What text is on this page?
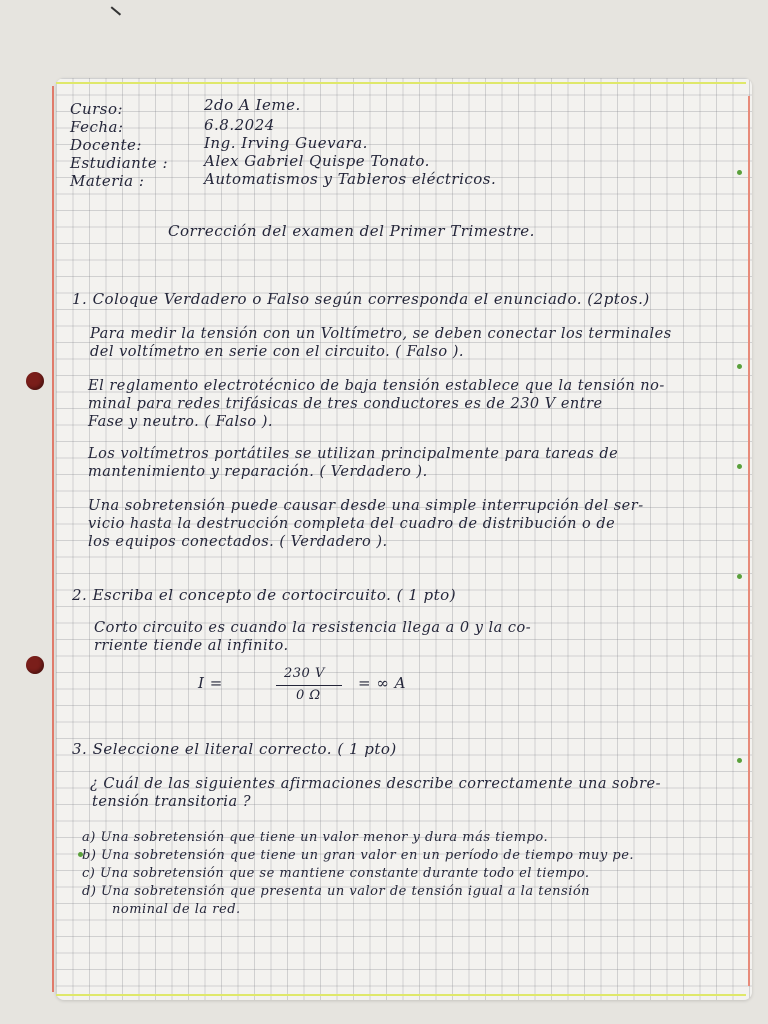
Curso:	2do A Ieme.
Fecha:	6.8.2024
Docente:	Ing. Irving Guevara.
Estudiante : Alex Gabriel Quispe Tonato.
Materia :	Automatismos y Tableros eléctricos.
Corrección del examen del Primer Trimestre.
1. Coloque Verdadero o Falso según corresponda el enunciado. (2ptos.)
Para medir la tensión con un Voltímetro, se deben conectar los terminales
del voltímetro en serie con el circuito. ( Falso ).
El reglamento electrotécnico de baja tensión establece que la tensión no-
minal para redes trifásicas de tres conductores es de 230 V entre
Fase y neutro. ( Falso ).
Los voltímetros portátiles se utilizan principalmente para tareas de
mantenimiento y reparación. ( Verdadero ).
Una sobretensión puede causar desde una simple interrupción del ser-
vicio hasta la destrucción completa del cuadro de distribución o de
los equipos conectados. ( Verdadero ).
2. Escriba el concepto de cortocircuito. ( 1 pto)
Corto circuito es cuando la resistencia llega a 0 y la co-
rriente tiende al infinito.
I =
230 V
0 Ω
= ∞ A
3. Seleccione el literal correcto. ( 1 pto)
¿ Cuál de las siguientes afirmaciones describe correctamente una sobre-
tensión transitoria ?
a) Una sobretensión que tiene un valor menor y dura más tiempo.
b) Una sobretensión que tiene un gran valor en un período de tiempo muy pe.
c) Una sobretensión que se mantiene constante durante todo el tiempo.
d) Una sobretensión que presenta un valor de tensión igual a la tensión
nominal de la red.
